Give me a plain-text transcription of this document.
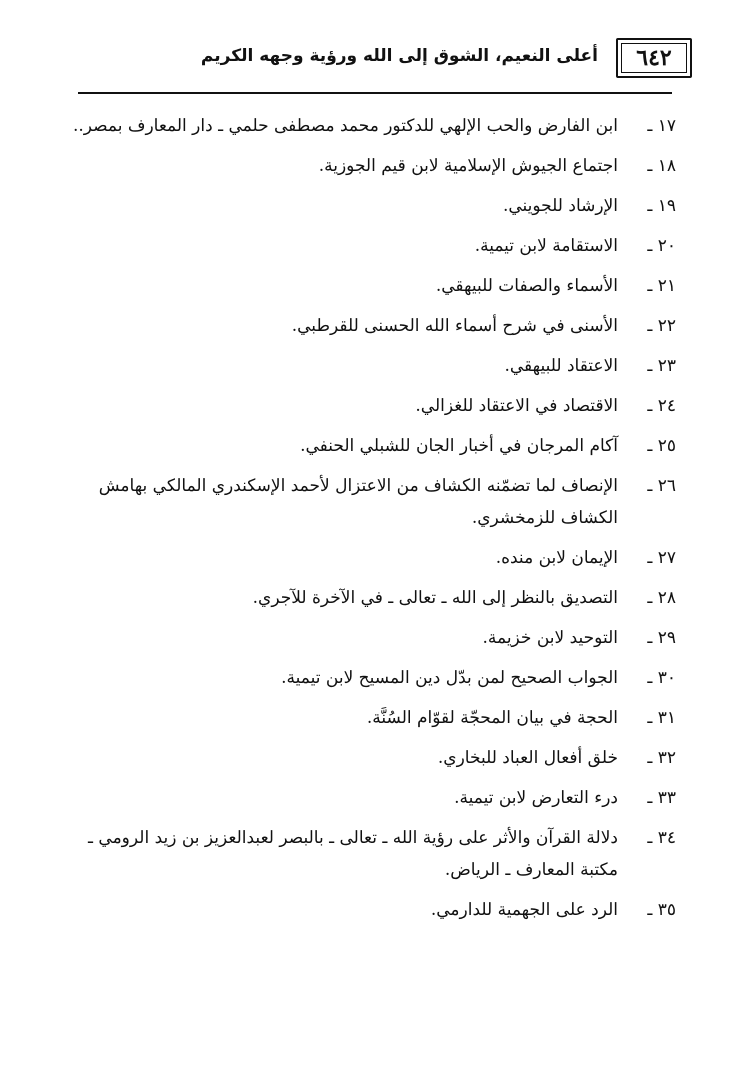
٦٤٢
أعلى النعيم، الشوق إلى الله ورؤية وجهه الكريم
١٧ ـ
ابن الفارض والحب الإلهي للدكتور محمد مصطفى حلمي ـ دار المعارف بمصر..
١٨ ـ
اجتماع الجيوش الإسلامية لابن قيم الجوزية.
١٩ ـ
الإرشاد للجويني.
٢٠ ـ
الاستقامة لابن تيمية.
٢١ ـ
الأسماء والصفات للبيهقي.
٢٢ ـ
الأسنى في شرح أسماء الله الحسنى للقرطبي.
٢٣ ـ
الاعتقاد للبيهقي.
٢٤ ـ
الاقتصاد في الاعتقاد للغزالي.
٢٥ ـ
آكام المرجان في أخبار الجان للشبلي الحنفي.
٢٦ ـ
الإنصاف لما تضمّنه الكشاف من الاعتزال لأحمد الإسكندري المالكي بهامش الكشاف للزمخشري.
٢٧ ـ
الإيمان لابن منده.
٢٨ ـ
التصديق بالنظر إلى الله ـ تعالى ـ في الآخرة للآجري.
٢٩ ـ
التوحيد لابن خزيمة.
٣٠ ـ
الجواب الصحيح لمن بدّل دين المسيح لابن تيمية.
٣١ ـ
الحجة في بيان المحجّة لقوّام السُنَّة.
٣٢ ـ
خلق أفعال العباد للبخاري.
٣٣ ـ
درء التعارض لابن تيمية.
٣٤ ـ
دلالة القرآن والأثر على رؤية الله ـ تعالى ـ بالبصر لعبدالعزيز بن زيد الرومي ـ مكتبة المعارف ـ الرياض.
٣٥ ـ
الرد على الجهمية للدارمي.
